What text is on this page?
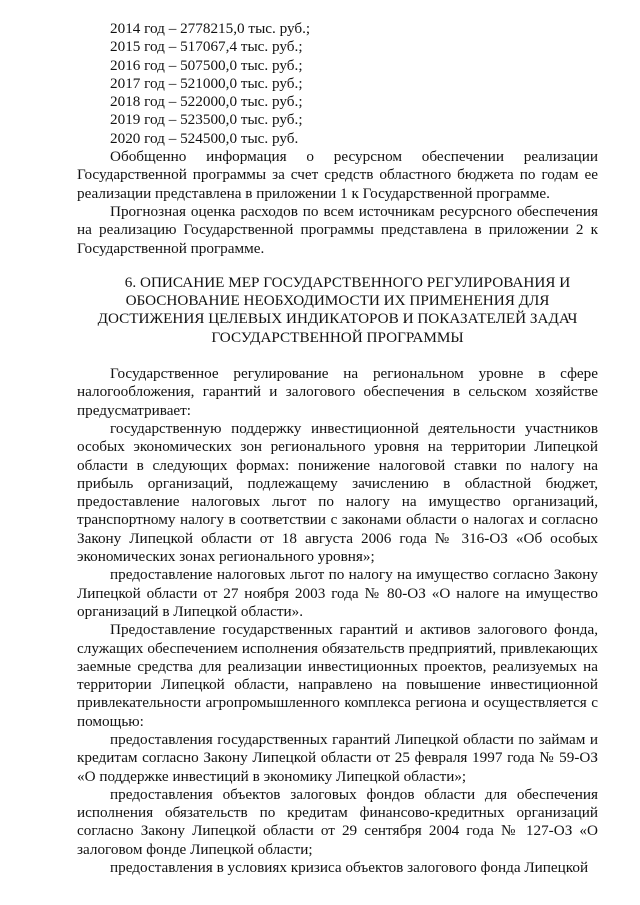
2014 год – 2778215,0 тыс. руб.;

2015 год – 517067,4 тыс. руб.;

2016 год – 507500,0 тыс. руб.;

2017 год – 521000,0 тыс. руб.;

2018 год – 522000,0 тыс. руб.;

2019 год – 523500,0 тыс. руб.;

2020 год – 524500,0 тыс. руб.

Обобщенно информация о ресурсном обеспечении реализации Государственной программы за счет средств областного бюджета по годам ее реализации представлена в приложении 1 к Государственной программе.

Прогнозная оценка расходов по всем источникам ресурсного обеспечения на реализацию Государственной программы представлена в приложении 2 к Государственной программе.

6. ОПИСАНИЕ МЕР ГОСУДАРСТВЕННОГО РЕГУЛИРОВАНИЯ И
ОБОСНОВАНИЕ НЕОБХОДИМОСТИ ИХ ПРИМЕНЕНИЯ ДЛЯ
ДОСТИЖЕНИЯ ЦЕЛЕВЫХ ИНДИКАТОРОВ И ПОКАЗАТЕЛЕЙ ЗАДАЧ
ГОСУДАРСТВЕННОЙ ПРОГРАММЫ

Государственное регулирование на региональном уровне в сфере налогообложения, гарантий и залогового обеспечения в сельском хозяйстве предусматривает:

государственную поддержку инвестиционной деятельности участников особых экономических зон регионального уровня на территории Липецкой области в следующих формах: понижение налоговой ставки по налогу на прибыль организаций, подлежащему зачислению в областной бюджет, предоставление налоговых льгот по налогу на имущество организаций, транспортному налогу в соответствии с законами области о налогах и согласно Закону Липецкой области от 18 августа 2006 года № 316-ОЗ «Об особых экономических зонах регионального уровня»;

предоставление налоговых льгот по налогу на имущество согласно Закону Липецкой области от 27 ноября 2003 года № 80-ОЗ «О налоге на имущество организаций в Липецкой области».

Предоставление государственных гарантий и активов залогового фонда, служащих обеспечением исполнения обязательств предприятий, привлекающих заемные средства для реализации инвестиционных проектов, реализуемых на территории Липецкой области, направлено на повышение инвестиционной привлекательности агропромышленного комплекса региона и осуществляется с помощью:

предоставления государственных гарантий Липецкой области по займам и кредитам согласно Закону Липецкой области от 25 февраля 1997 года № 59-ОЗ «О поддержке инвестиций в экономику Липецкой области»;

предоставления объектов залоговых фондов области для обеспечения исполнения обязательств по кредитам финансово-кредитных организаций согласно Закону Липецкой области от 29 сентября 2004 года № 127-ОЗ «О залоговом фонде Липецкой области;

предоставления в условиях кризиса объектов залогового фонда Липецкой
